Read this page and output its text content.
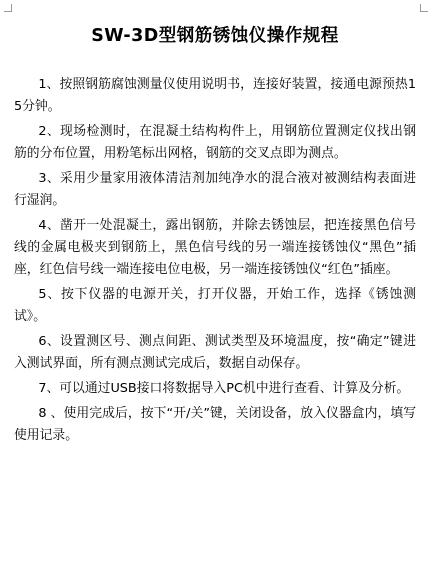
SW-3D型钢筋锈蚀仪操作规程

1、按照钢筋腐蚀测量仪使用说明书，连接好装置，接通电源预热15分钟。

2、现场检测时，在混凝土结构构件上，用钢筋位置测定仪找出钢筋的分布位置，用粉笔标出网格，钢筋的交叉点即为测点。

3、采用少量家用液体清洁剂加纯净水的混合液对被测结构表面进行湿润。

4、凿开一处混凝土，露出钢筋，并除去锈蚀层，把连接黑色信号线的金属电极夹到钢筋上，黑色信号线的另一端连接锈蚀仪“黑色”插座，红色信号线一端连接电位电极，另一端连接锈蚀仪“红色”插座。

5、按下仪器的电源开关，打开仪器，开始工作，选择《锈蚀测试》。

6、设置测区号、测点间距、测试类型及环境温度，按“确定”键进入测试界面，所有测点测试完成后，数据自动保存。

7、可以通过USB接口将数据导入PC机中进行查看、计算及分析。

8 、使用完成后，按下“开/关”键，关闭设备，放入仪器盒内，填写使用记录。
